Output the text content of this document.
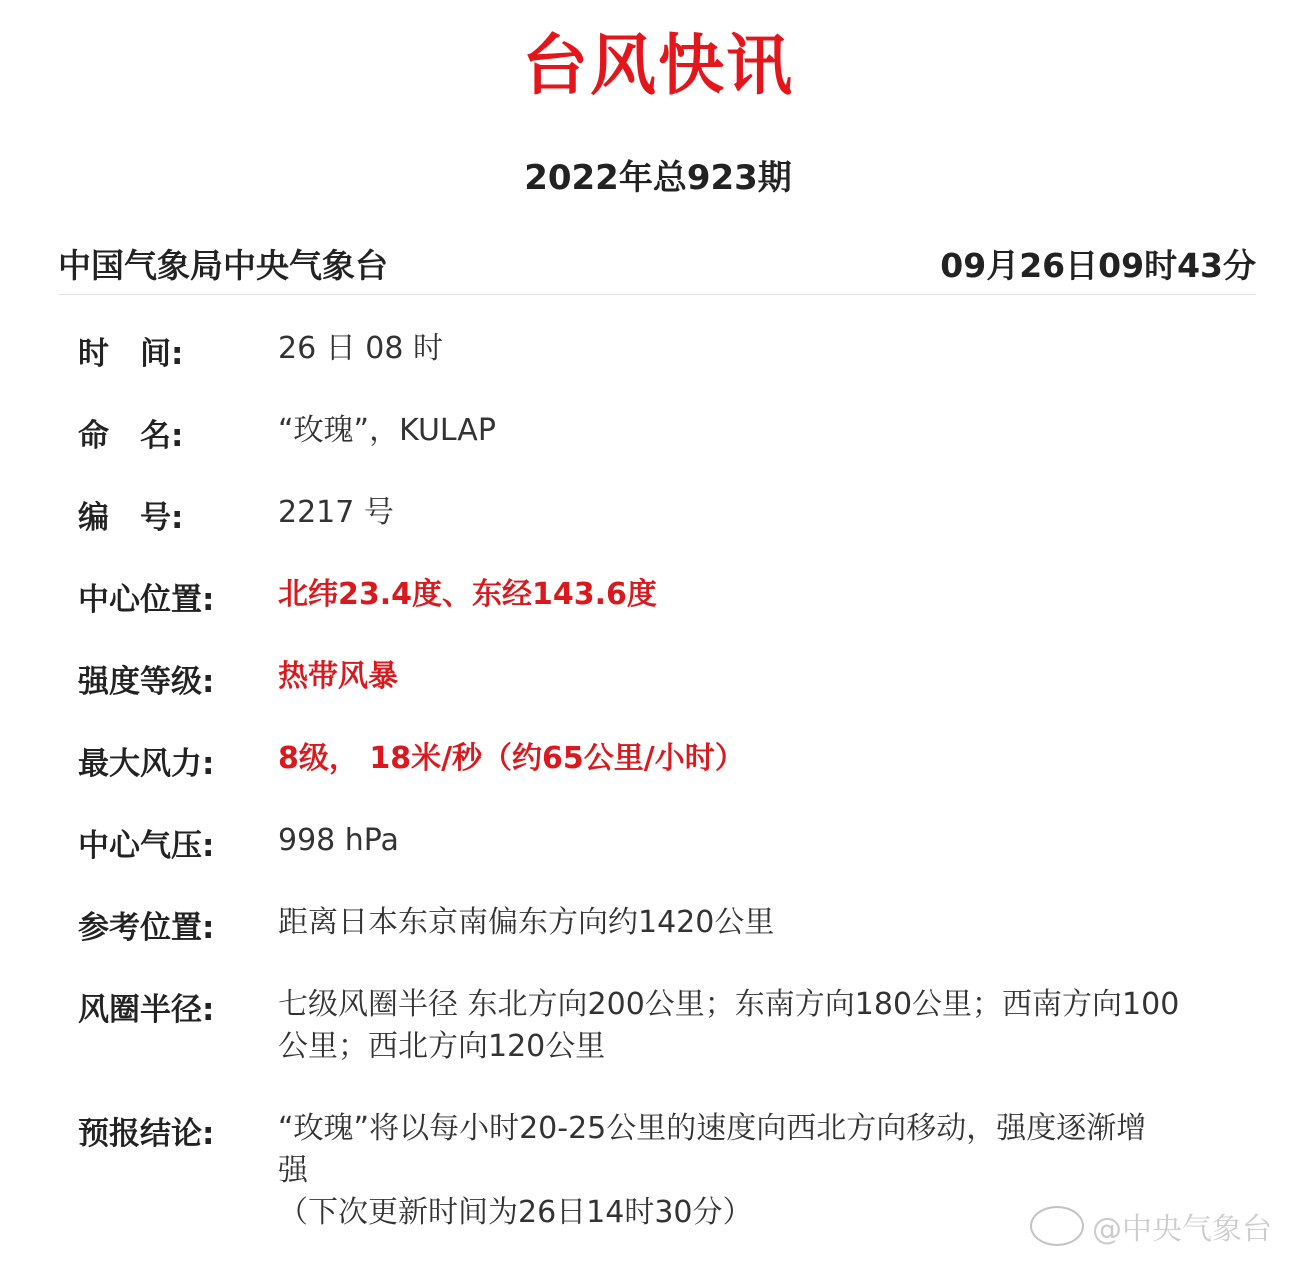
台风快讯
2022年总923期
中国气象局中央气象台	09月26日09时43分
时　间:	26 日 08 时
命　名:	“玫瑰”，KULAP
编　号:	2217 号
中心位置: 北纬23.4度、东经143.6度
强度等级: 热带风暴
最大风力: 8级， 18米/秒（约65公里/小时）
中心气压: 998 hPa
参考位置: 距离日本东京南偏东方向约1420公里
风圈半径: 七级风圈半径 东北方向200公里；东南方向180公里；西南方向100
公里；西北方向120公里
预报结论: “玫瑰”将以每小时20-25公里的速度向西北方向移动，强度逐渐增
强
（下次更新时间为26日14时30分）	@中央气象台
